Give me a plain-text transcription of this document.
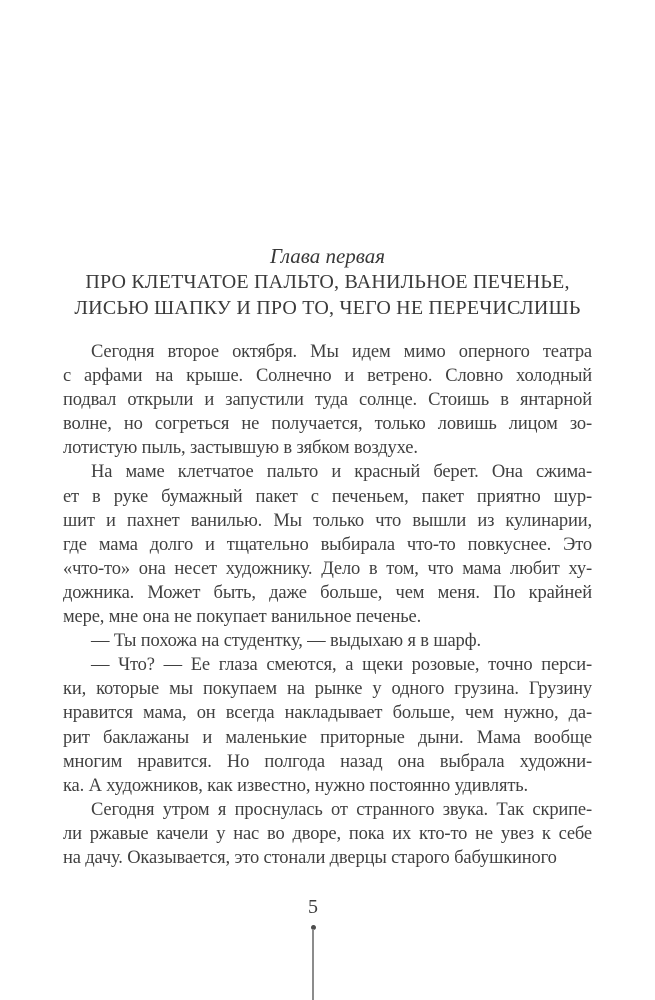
Глава первая
ПРО КЛЕТЧАТОЕ ПАЛЬТО, ВАНИЛЬНОЕ ПЕЧЕНЬЕ,
ЛИСЬЮ ШАПКУ И ПРО ТО, ЧЕГО НЕ ПЕРЕЧИСЛИШЬ
Сегодня второе октября. Мы идем мимо оперного театра
с арфами на крыше. Солнечно и ветрено. Словно холодный
подвал открыли и запустили туда солнце. Стоишь в янтарной
волне, но согреться не получается, только ловишь лицом зо-
лотистую пыль, застывшую в зябком воздухе.
На маме клетчатое пальто и красный берет. Она сжима-
ет в руке бумажный пакет с печеньем, пакет приятно шур-
шит и пахнет ванилью. Мы только что вышли из кулинарии,
где мама долго и тщательно выбирала что-то повкуснее. Это
«что-то» она несет художнику. Дело в том, что мама любит ху-
дожника. Может быть, даже больше, чем меня. По крайней
мере, мне она не покупает ванильное печенье.
— Ты похожа на студентку, — выдыхаю я в шарф.
— Что? — Ее глаза смеются, а щеки розовые, точно перси-
ки, которые мы покупаем на рынке у одного грузина. Грузину
нравится мама, он всегда накладывает больше, чем нужно, да-
рит баклажаны и маленькие приторные дыни. Мама вообще
многим нравится. Но полгода назад она выбрала художни-
ка. А художников, как известно, нужно постоянно удивлять.
Сегодня утром я проснулась от странного звука. Так скрипе-
ли ржавые качели у нас во дворе, пока их кто-то не увез к себе
на дачу. Оказывается, это стонали дверцы старого бабушкиного
5
